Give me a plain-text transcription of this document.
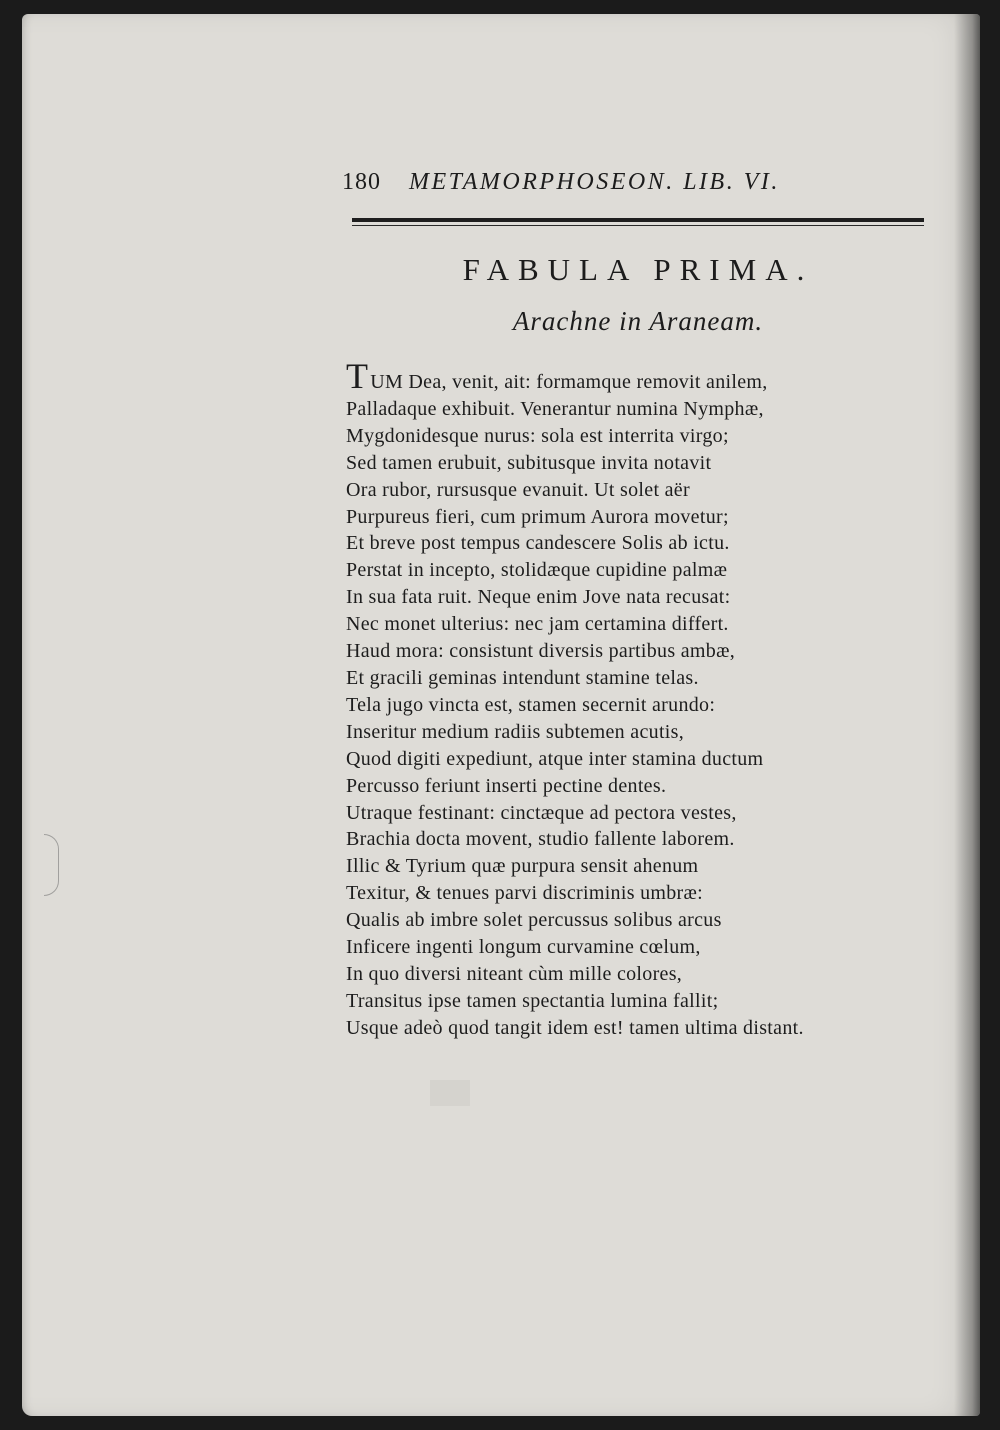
180 METAMORPHOSEON. LIB. VI.
FABULA PRIMA.
Arachne in Araneam.
TUM Dea, venit, ait: formamque removit anilem,
Palladaque exhibuit. Venerantur numina Nymphæ,
Mygdonidesque nurus: sola est interrita virgo;
Sed tamen erubuit, subitusque invita notavit
Ora rubor, rursusque evanuit. Ut solet aër
Purpureus fieri, cum primum Aurora movetur;
Et breve post tempus candescere Solis ab ictu.
Perstat in incepto, stolidæque cupidine palmæ
In sua fata ruit. Neque enim Jove nata recusat:
Nec monet ulterius: nec jam certamina differt.
Haud mora: consistunt diversis partibus ambæ,
Et gracili geminas intendunt stamine telas.
Tela jugo vincta est, stamen secernit arundo:
Inseritur medium radiis subtemen acutis,
Quod digiti expediunt, atque inter stamina ductum
Percusso feriunt inserti pectine dentes.
Utraque festinant: cinctæque ad pectora vestes,
Brachia docta movent, studio fallente laborem.
Illic & Tyrium quæ purpura sensit ahenum
Texitur, & tenues parvi discriminis umbræ:
Qualis ab imbre solet percussus solibus arcus
Inficere ingenti longum curvamine cœlum,
In quo diversi niteant cùm mille colores,
Transitus ipse tamen spectantia lumina fallit;
Usque adeò quod tangit idem est! tamen ultima distant.
